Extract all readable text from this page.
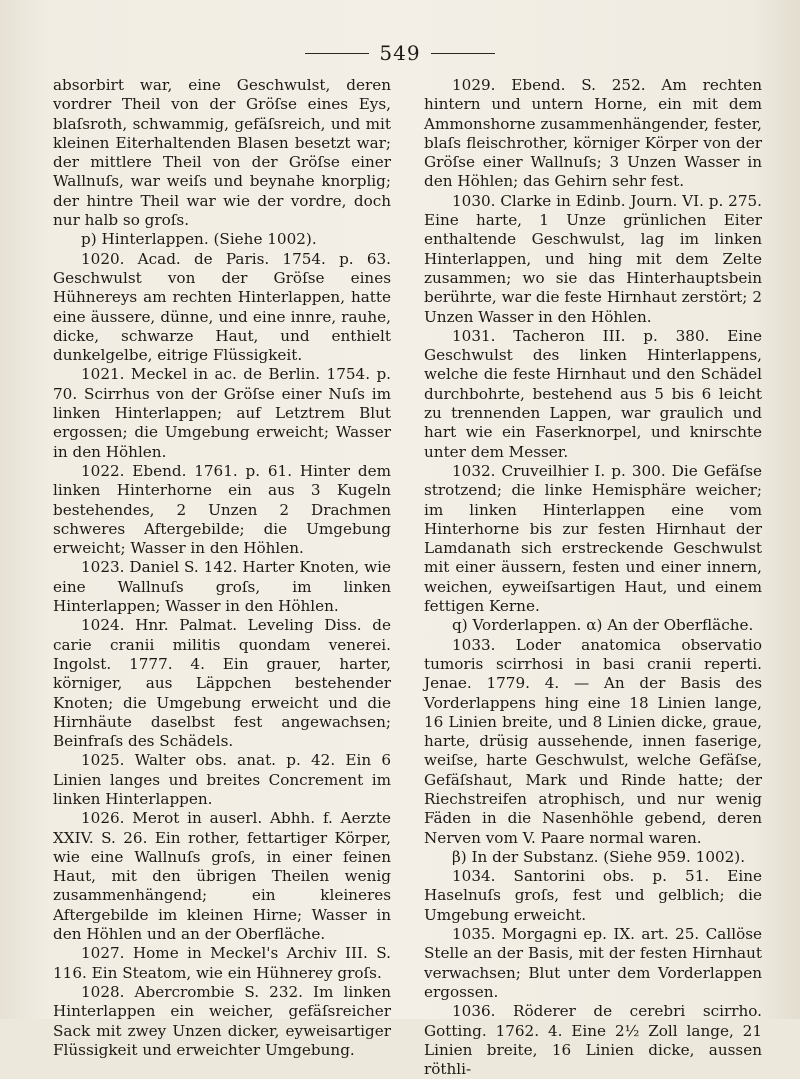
549

absorbirt war, eine Geschwulst, deren vordrer Theil von der Gröſse eines Eys, blaſsroth, schwammig, gefäſsreich, und mit kleinen Eiterhaltenden Blasen besetzt war; der mittlere Theil von der Gröſse einer Wallnuſs, war weiſs und beynahe knorplig; der hintre Theil war wie der vordre, doch nur halb so groſs.

p) Hinterlappen. (Siehe 1002).

1020. Acad. de Paris. 1754. p. 63. Geschwulst von der Gröſse eines Hühnereys am rechten Hinterlappen, hatte eine äussere, dünne, und eine innre, rauhe, dicke, schwarze Haut, und enthielt dunkelgelbe, eitrige Flüssigkeit.

1021. Meckel in ac. de Berlin. 1754. p. 70. Scirrhus von der Gröſse einer Nuſs im linken Hinterlappen; auf Letztrem Blut ergossen; die Umgebung erweicht; Wasser in den Höhlen.

1022. Ebend. 1761. p. 61. Hinter dem linken Hinterhorne ein aus 3 Kugeln bestehendes, 2 Unzen 2 Drachmen schweres Aftergebilde; die Umgebung erweicht; Wasser in den Höhlen.

1023. Daniel S. 142. Harter Knoten, wie eine Wallnuſs groſs, im linken Hinterlappen; Wasser in den Höhlen.

1024. Hnr. Palmat. Leveling Diss. de carie cranii militis quondam venerei. Ingolst. 1777. 4. Ein grauer, harter, körniger, aus Läppchen bestehender Knoten; die Umgebung erweicht und die Hirnhäute daselbst fest angewachsen; Beinfraſs des Schädels.

1025. Walter obs. anat. p. 42. Ein 6 Linien langes und breites Concrement im linken Hinterlappen.

1026. Merot in auserl. Abhh. f. Aerzte XXIV. S. 26. Ein rother, fettartiger Körper, wie eine Wallnuſs groſs, in einer feinen Haut, mit den übrigen Theilen wenig zusammenhängend; ein kleineres Aftergebilde im kleinen Hirne; Wasser in den Höhlen und an der Oberfläche.

1027. Home in Meckel's Archiv III. S. 116. Ein Steatom, wie ein Hühnerey groſs.

1028. Abercrombie S. 232. Im linken Hinterlappen ein weicher, gefäſsreicher Sack mit zwey Unzen dicker, eyweisartiger Flüssigkeit und erweichter Umgebung.

1029. Ebend. S. 252. Am rechten hintern und untern Horne, ein mit dem Ammonshorne zusammenhängender, fester, blaſs fleischrother, körniger Körper von der Gröſse einer Wallnuſs; 3 Unzen Wasser in den Höhlen; das Gehirn sehr fest.

1030. Clarke in Edinb. Journ. VI. p. 275. Eine harte, 1 Unze grünlichen Eiter enthaltende Geschwulst, lag im linken Hinterlappen, und hing mit dem Zelte zusammen; wo sie das Hinterhauptsbein berührte, war die feste Hirnhaut zerstört; 2 Unzen Wasser in den Höhlen.

1031. Tacheron III. p. 380. Eine Geschwulst des linken Hinterlappens, welche die feste Hirnhaut und den Schädel durchbohrte, bestehend aus 5 bis 6 leicht zu trennenden Lappen, war graulich und hart wie ein Faserknorpel, und knirschte unter dem Messer.

1032. Cruveilhier I. p. 300. Die Gefäſse strotzend; die linke Hemisphäre weicher; im linken Hinterlappen eine vom Hinterhorne bis zur festen Hirnhaut der Lamdanath sich erstreckende Geschwulst mit einer äussern, festen und einer innern, weichen, eyweiſsartigen Haut, und einem fettigen Kerne.

q) Vorderlappen. α) An der Oberfläche.

1033. Loder anatomica observatio tumoris scirrhosi in basi cranii reperti. Jenae. 1779. 4. — An der Basis des Vorderlappens hing eine 18 Linien lange, 16 Linien breite, und 8 Linien dicke, graue, harte, drüsig aussehende, innen faserige, weiſse, harte Geschwulst, welche Gefäſse, Gefäſshaut, Mark und Rinde hatte; der Riechstreifen atrophisch, und nur wenig Fäden in die Nasenhöhle gebend, deren Nerven vom V. Paare normal waren.

β) In der Substanz. (Siehe 959. 1002).

1034. Santorini obs. p. 51. Eine Haselnuſs groſs, fest und gelblich; die Umgebung erweicht.

1035. Morgagni ep. IX. art. 25. Callöse Stelle an der Basis, mit der festen Hirnhaut verwachsen; Blut unter dem Vorderlappen ergossen.

1036. Röderer de cerebri scirrho. Gotting. 1762. 4. Eine 2½ Zoll lange, 21 Linien breite, 16 Linien dicke, aussen röthli-
